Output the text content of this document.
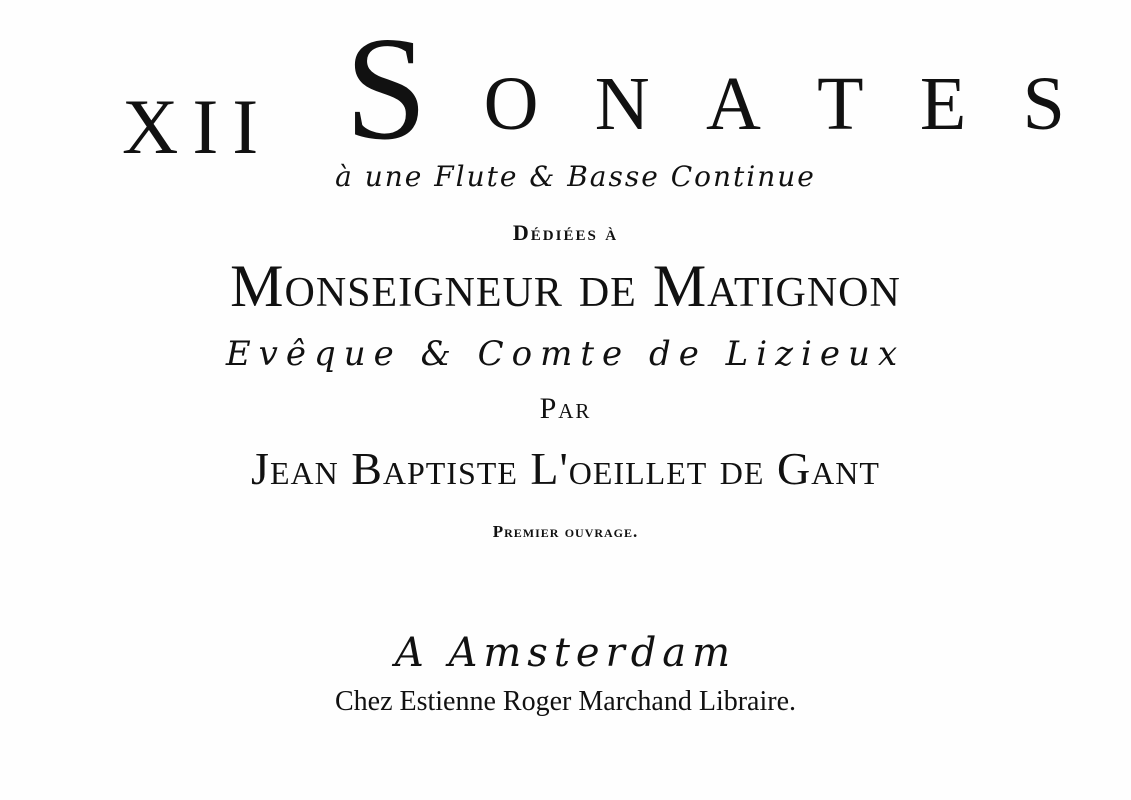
XII S O N A T E S
à une Flute & Basse Continue
Dédiées à
Monseigneur de Matignon
Evêque & Comte de Lizieux
Par
Jean Baptiste L'oeillet de Gant
Premier ouvrage.
A Amsterdam
Chez Estienne Roger Marchand Libraire.
